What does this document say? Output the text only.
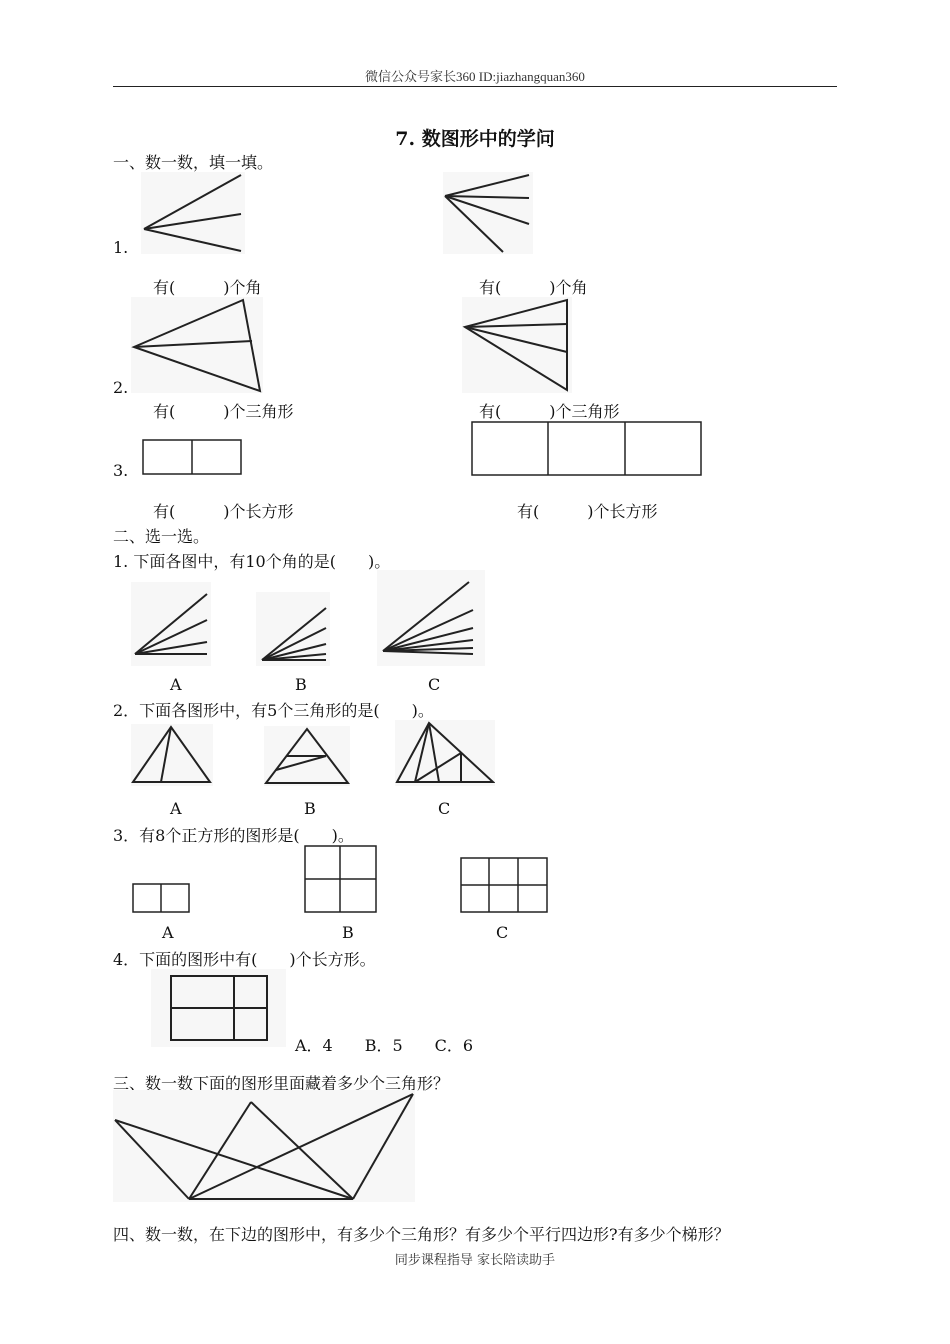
微信公众号家长360 ID:jiazhangquan360
7. 数图形中的学问
一、数一数，填一填。
1.
有(　　　)个角	有(　　　)个角
2.
有(　　　)个三角形	有(　　　)个三角形
3.
有(　　　)个长方形	有(　　　)个长方形
二、选一选。
1. 下面各图中，有10个角的是(　　)。
A	B	C
2．下面各图形中，有5个三角形的是(　　)。
A	B	C
3．有8个正方形的图形是(　　)。
A	B	C
4．下面的图形中有(　　)个长方形。
A．4　　B．5　　C．6
三、数一数下面的图形里面藏着多少个三角形？
四、数一数，在下边的图形中，有多少个三角形？有多少个平行四边形?有多少个梯形？
同步课程指导 家长陪读助手
